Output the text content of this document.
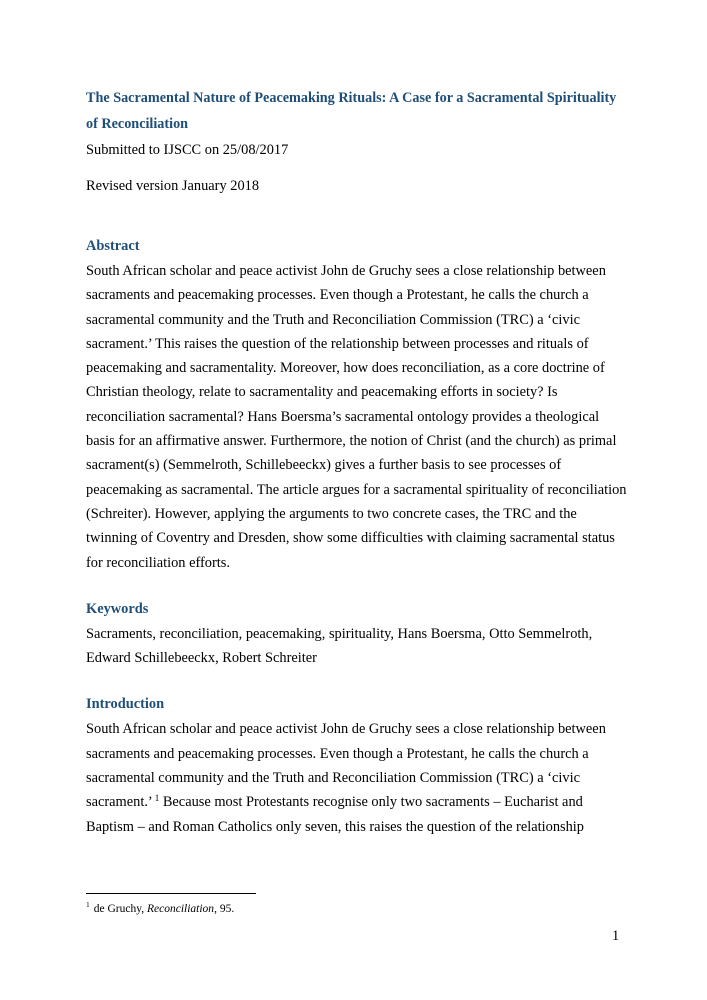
The Sacramental Nature of Peacemaking Rituals: A Case for a Sacramental Spirituality of Reconciliation

Submitted to IJSCC on 25/08/2017

Revised version January 2018

Abstract

South African scholar and peace activist John de Gruchy sees a close relationship between sacraments and peacemaking processes. Even though a Protestant, he calls the church a sacramental community and the Truth and Reconciliation Commission (TRC) a ‘civic sacrament.’ This raises the question of the relationship between processes and rituals of peacemaking and sacramentality. Moreover, how does reconciliation, as a core doctrine of Christian theology, relate to sacramentality and peacemaking efforts in society? Is reconciliation sacramental? Hans Boersma’s sacramental ontology provides a theological basis for an affirmative answer. Furthermore, the notion of Christ (and the church) as primal sacrament(s) (Semmelroth, Schillebeeckx) gives a further basis to see processes of peacemaking as sacramental. The article argues for a sacramental spirituality of reconciliation (Schreiter). However, applying the arguments to two concrete cases, the TRC and the twinning of Coventry and Dresden, show some difficulties with claiming sacramental status for reconciliation efforts.

Keywords

Sacraments, reconciliation, peacemaking, spirituality, Hans Boersma, Otto Semmelroth, Edward Schillebeeckx, Robert Schreiter

Introduction

South African scholar and peace activist John de Gruchy sees a close relationship between sacraments and peacemaking processes. Even though a Protestant, he calls the church a sacramental community and the Truth and Reconciliation Commission (TRC) a ‘civic sacrament.’ $^1$ Because most Protestants recognise only two sacraments – Eucharist and Baptism – and Roman Catholics only seven, this raises the question of the relationship

$^1$ de Gruchy, Reconciliation, 95.
1
